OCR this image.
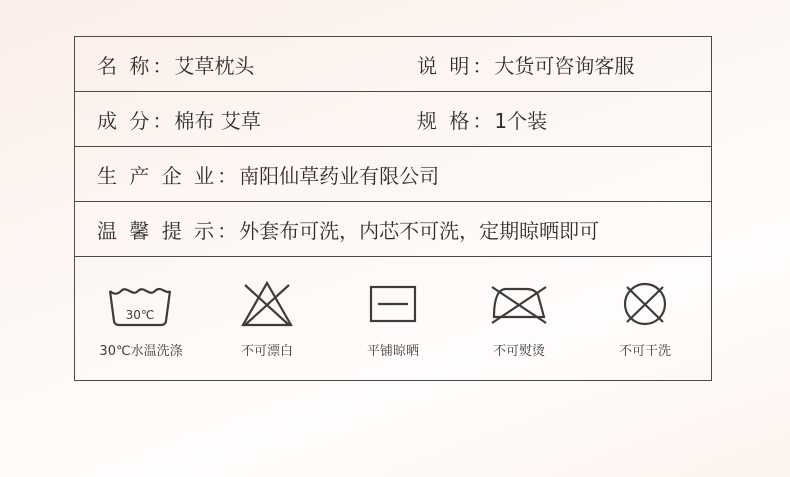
名 称 ： 艾草枕头	说 明 ： 大货可咨询客服
成 分 ： 棉布 艾草	规 格 ： 1个装
生 产 企 业 ： 南阳仙草药业有限公司
温 馨 提 示 ： 外套布可洗，内芯不可洗，定期晾晒即可
30℃
30℃水温洗涤	不可漂白	平铺晾晒	不可熨烫	不可干洗
